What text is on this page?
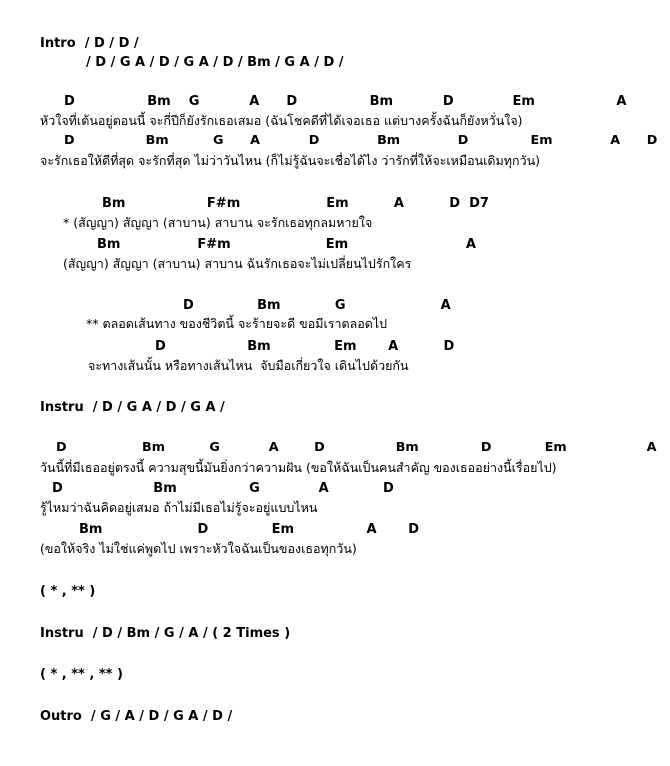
Intro  / D / D /
/ D / G A / D / G A / D / Bm / G A / D /
D                Bm    G           A      D                Bm           D             Em                  A
หัวใจที่เต้นอยู่ตอนนี้ จะกี่ปีก็ยังรักเธอเสมอ (ฉันโชคดีที่ได้เจอเธอ แต่บางครั้งฉันก็ยังหวั่นใจ)
D                Bm          G      A           D             Bm             D              Em             A      D
จะรักเธอให้ดีที่สุด จะรักที่สุด ไม่ว่าวันไหน (ก็ไม่รู้ฉันจะเชื่อได้ไง ว่ารักที่ให้จะเหมือนเดิมทุกวัน)
Bm                  F#m                   Em          A          D  D7
* (สัญญา) สัญญา (สาบาน) สาบาน จะรักเธอทุกลมหายใจ
Bm                 F#m                     Em                          A
(สัญญา) สัญญา (สาบาน) สาบาน ฉันรักเธอจะไม่เปลี่ยนไปรักใคร
D              Bm            G                     A
** ตลอดเส้นทาง ของชีวิตนี้ จะร้ายจะดี ขอมีเราตลอดไป
D                  Bm              Em       A          D
จะทางเส้นนั้น หรือทางเส้นไหน  จับมือเกี่ยวใจ เดินไปด้วยกัน
Instru  / D / G A / D / G A /
D                 Bm          G           A        D                Bm              D            Em                  A
วันนี้ที่มีเธออยู่ตรงนี้ ความสุขนี้มันยิ่งกว่าความฝัน (ขอให้ฉันเป็นคนสำคัญ ของเธออย่างนี้เรื่อยไป)
D                    Bm                G             A            D
รู้ไหมว่าฉันคิดอยู่เสมอ ถ้าไม่มีเธอไม่รู้จะอยู่แบบไหน
Bm                     D              Em                A       D
(ขอให้จริง ไม่ใช่แค่พูดไป เพราะหัวใจฉันเป็นของเธอทุกวัน)
( * , ** )
Instru  / D / Bm / G / A / ( 2 Times )
( * , ** , ** )
Outro  / G / A / D / G A / D /
